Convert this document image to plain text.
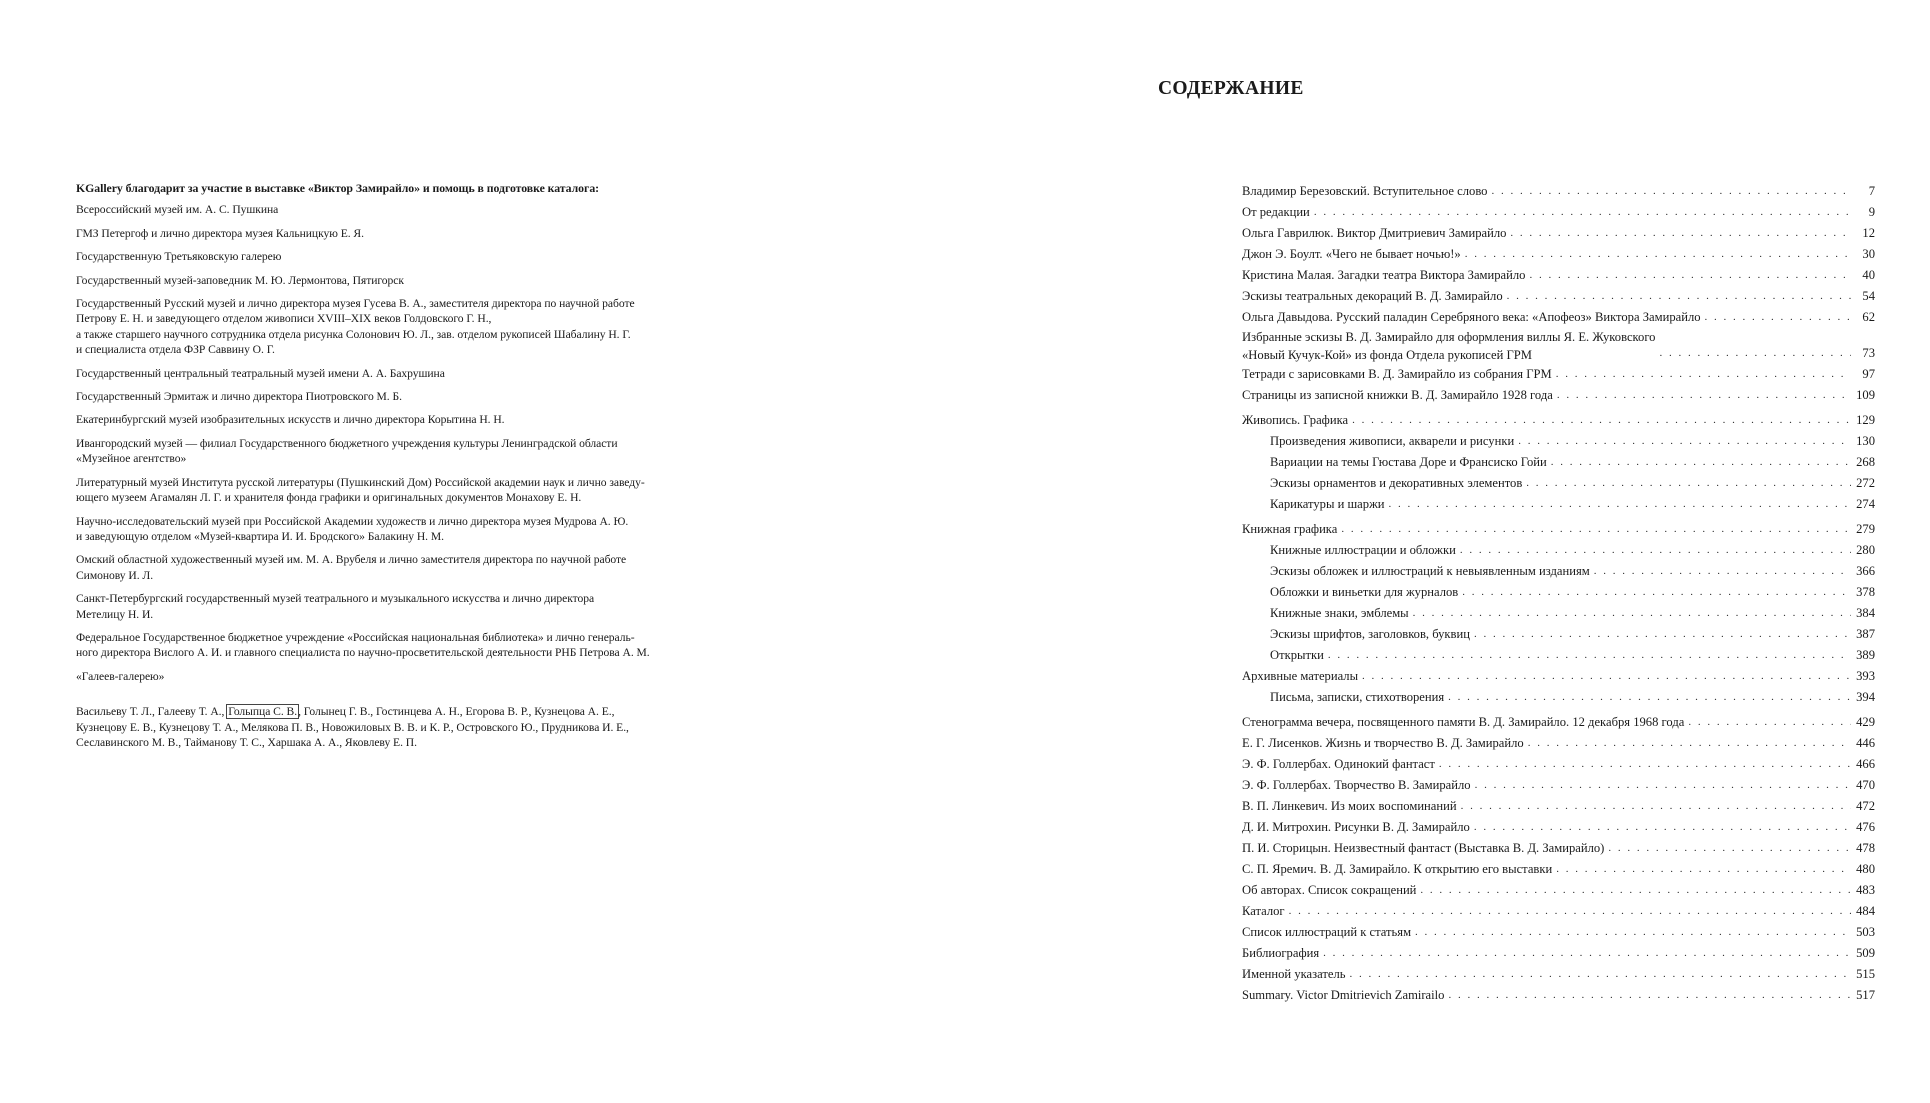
KGallery благодарит за участие в выставке «Виктор Замирайло» и помощь в подготовке каталога:

Всероссийский музей им. А. С. Пушкина

ГМЗ Петергоф и лично директора музея Кальницкую Е. Я.

Государственную Третьяковскую галерею

Государственный музей-заповедник М. Ю. Лермонтова, Пятигорск

Государственный Русский музей и лично директора музея Гусева В. А., заместителя директора по научной работе
Петрову Е. Н. и заведующего отделом живописи XVIII–XIX веков Голдовского Г. Н.,
а также старшего научного сотрудника отдела рисунка Солонович Ю. Л., зав. отделом рукописей Шабалину Н. Г.
и специалиста отдела ФЗР Саввину О. Г.

Государственный центральный театральный музей имени А. А. Бахрушина

Государственный Эрмитаж и лично директора Пиотровского М. Б.

Екатеринбургский музей изобразительных искусств и лично директора Корытина Н. Н.

Ивангородский музей — филиал Государственного бюджетного учреждения культуры Ленинградской области
«Музейное агентство»

Литературный музей Института русской литературы (Пушкинский Дом) Российской академии наук и лично заведу-
ющего музеем Агамалян Л. Г. и хранителя фонда графики и оригинальных документов Монахову Е. Н.

Научно-исследовательский музей при Российской Академии художеств и лично директора музея Мудрова А. Ю.
и заведующую отделом «Музей-квартира И. И. Бродского» Балакину Н. М.

Омский областной художественный музей им. М. А. Врубеля и лично заместителя директора по научной работе
Симонову И. Л.

Санкт-Петербургский государственный музей театрального и музыкального искусства и лично директора
Метелицу Н. И.

Федеральное Государственное бюджетное учреждение «Российская национальная библиотека» и лично генераль-
ного директора Вислого А. И. и главного специалиста по научно-просветительской деятельности РНБ Петрова А. М.

«Галеев-галерею»

Васильеву Т. Л., Галееву Т. А., Голыпца С. В., Голынец Г. В., Гостинцева А. Н., Егорова В. Р., Кузнецова А. Е.,
Кузнецову Е. В., Кузнецову Т. А., Мелякова П. В., Новожиловых В. В. и К. Р., Островского Ю., Прудникова И. Е.,
Сеславинского М. В., Тайманову Т. С., Харшака А. А., Яковлеву Е. П.

СОДЕРЖАНИЕ
Владимир Березовский. Вступительное слово . . .	7
От редакции . . .	9
Ольга Гаврилюк. Виктор Дмитриевич Замирайло . . .	12
Джон Э. Боулт. «Чего не бывает ночью!» . . .	30
Кристина Малая. Загадки театра Виктора Замирайло . . .	40
Эскизы театральных декораций В. Д. Замирайло . . .	54
Ольга Давыдова. Русский паладин Серебряного века: «Апофеоз» Виктора Замирайло . . .	62
Избранные эскизы В. Д. Замирайло для оформления виллы Я. Е. Жуковского
«Новый Кучук-Кой» из фонда Отдела рукописей ГРМ . . .	73
Тетради с зарисовками В. Д. Замирайло из собрания ГРМ . . .	97
Страницы из записной книжки В. Д. Замирайло 1928 года . . .	109
Живопись. Графика . . .	129
Произведения живописи, акварели и рисунки . . .	130
Вариации на темы Гюстава Доре и Франсиско Гойи . . .	268
Эскизы орнаментов и декоративных элементов . . .	272
Карикатуры и шаржи . . .	274
Книжная графика . . .	279
Книжные иллюстрации и обложки . . .	280
Эскизы обложек и иллюстраций к невыявленным изданиям . . .	366
Обложки и виньетки для журналов . . .	378
Книжные знаки, эмблемы . . .	384
Эскизы шрифтов, заголовков, буквиц . . .	387
Открытки . . .	389
Архивные материалы . . .	393
Письма, записки, стихотворения . . .	394
Стенограмма вечера, посвященного памяти В. Д. Замирайло. 12 декабря 1968 года . . .	429
Е. Г. Лисенков. Жизнь и творчество В. Д. Замирайло . . .	446
Э. Ф. Голлербах. Одинокий фантаст . . .	466
Э. Ф. Голлербах. Творчество В. Замирайло . . .	470
В. П. Линкевич. Из моих воспоминаний . . .	472
Д. И. Митрохин. Рисунки В. Д. Замирайло . . .	476
П. И. Сторицын. Неизвестный фантаст (Выставка В. Д. Замирайло) . . .	478
С. П. Яремич. В. Д. Замирайло. К открытию его выставки . . .	480
Об авторах. Список сокращений . . .	483
Каталог . . .	484
Список иллюстраций к статьям . . .	503
Библиография . . .	509
Именной указатель . . .	515
Summary. Victor Dmitrievich Zamirailo . . .	517
